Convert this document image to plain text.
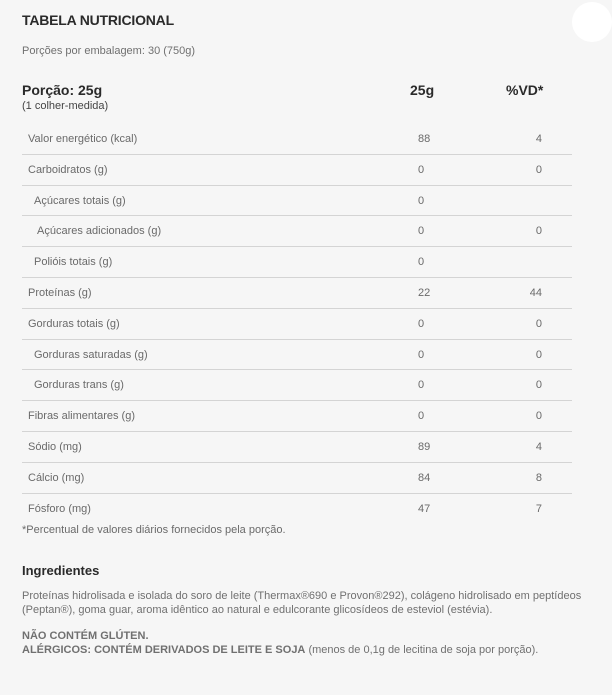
TABELA NUTRICIONAL
Porções por embalagem: 30 (750g)
Porção: 25g
(1 colher-medida)
25g	%VD*
Valor energético (kcal)	88	4
Carboidratos (g)	0	0
Açúcares totais (g)	0
Açúcares adicionados (g)	0	0
Polióis totais (g)	0
Proteínas (g)	22	44
Gorduras totais (g)	0	0
Gorduras saturadas (g)	0	0
Gorduras trans (g)	0	0
Fibras alimentares (g)	0	0
Sódio (mg)	89	4
Cálcio (mg)	84	8
Fósforo (mg)	47	7
*Percentual de valores diários fornecidos pela porção.
Ingredientes
Proteínas hidrolisada e isolada do soro de leite (Thermax®690 e Provon®292), colágeno hidrolisado em peptídeos (Peptan®), goma guar, aroma idêntico ao natural e edulcorante glicosídeos de esteviol (estévia).
NÃO CONTÉM GLÚTEN.
ALÉRGICOS: CONTÉM DERIVADOS DE LEITE E SOJA (menos de 0,1g de lecitina de soja por porção).
